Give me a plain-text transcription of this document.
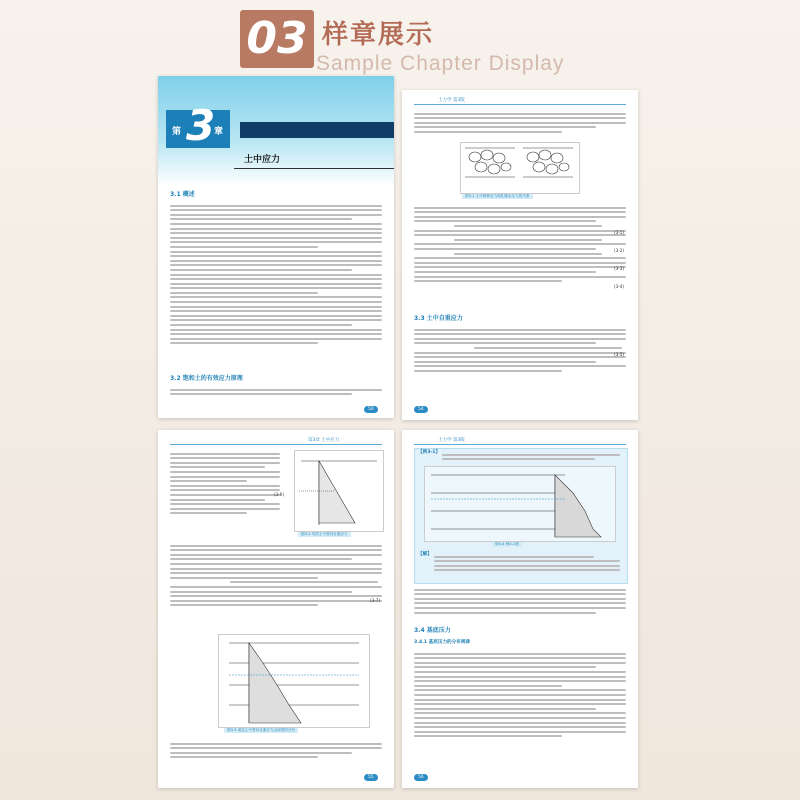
03 样章展示
Sample Chapter Display
第 3
章
土中应力
3.1 概述
3.2 饱和土的有效应力原理
50
土力学 第3版
图3-1 土中两种应力和孔隙水压力的关系
(3-1)
(3-2)
(3-3)
(3-4)
3.3 土中自重应力
(3-5)
54
第3章 土中应力
(3-6)
图3-2 均质土中竖向自重应力
(3-7)
图3-3 成层土中竖向自重应力沿深度的分布
55
土力学 第3版
【例3-1】
图3-4 例3-1图
【解】
3.4 基底压力
3.4.1 基底压力的分布规律
56
